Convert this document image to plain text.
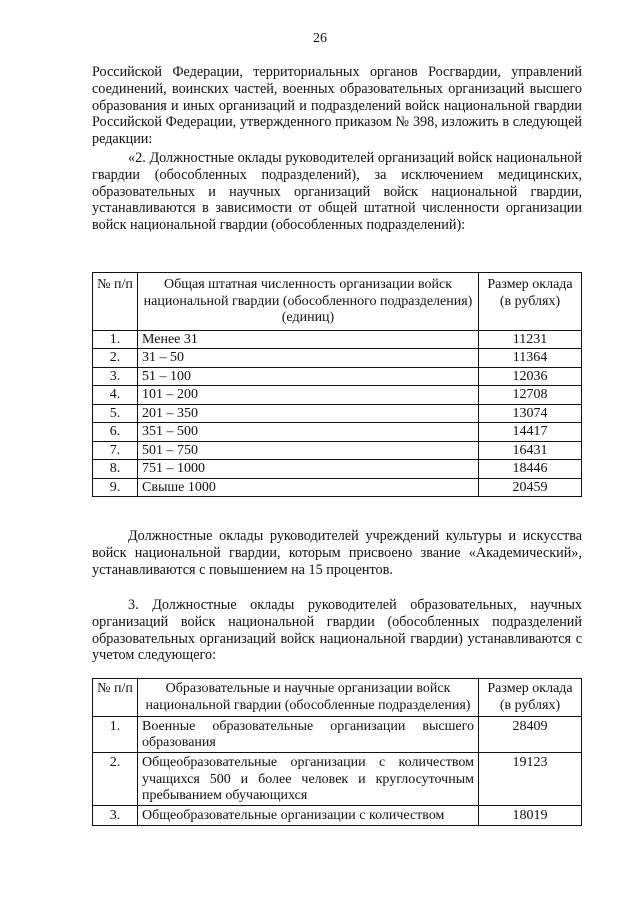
26

Российской Федерации, территориальных органов Росгвардии, управлений соединений, воинских частей, военных образовательных организаций высшего образования и иных организаций и подразделений войск национальной гвардии Российской Федерации, утвержденного приказом № 398, изложить в следующей редакции:

«2. Должностные оклады руководителей организаций войск национальной гвардии (обособленных подразделений), за исключением медицинских, образовательных и научных организаций войск национальной гвардии, устанавливаются в зависимости от общей штатной численности организации войск национальной гвардии (обособленных подразделений):

№ п/п	Общая штатная численность организации войск национальной гвардии (обособленного подразделения) (единиц)	Размер оклада (в рублях)
1.	Менее 31	11231
2.	31 – 50	11364
3.	51 – 100	12036
4.	101 – 200	12708
5.	201 – 350	13074
6.	351 – 500	14417
7.	501 – 750	16431
8.	751 – 1000	18446
9.	Свыше 1000	20459

Должностные оклады руководителей учреждений культуры и искусства войск национальной гвардии, которым присвоено звание «Академический», устанавливаются с повышением на 15 процентов.

3. Должностные оклады руководителей образовательных, научных организаций войск национальной гвардии (обособленных подразделений образовательных организаций войск национальной гвардии) устанавливаются с учетом следующего:

№ п/п	Образовательные и научные организации войск национальной гвардии (обособленные подразделения)	Размер оклада (в рублях)
1.	Военные образовательные организации высшего образования	28409
2.	Общеобразовательные организации с количеством учащихся 500 и более человек и круглосуточным пребыванием обучающихся	19123
3.	Общеобразовательные организации с количеством	18019
